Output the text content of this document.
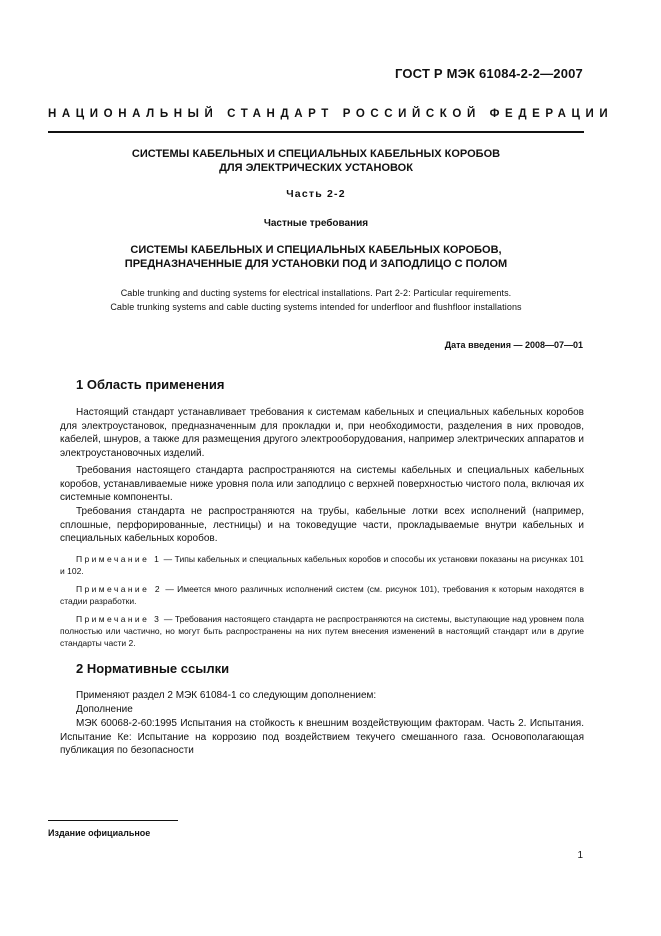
ГОСТ Р МЭК 61084-2-2—2007
НАЦИОНАЛЬНЫЙ СТАНДАРТ РОССИЙСКОЙ ФЕДЕРАЦИИ
СИСТЕМЫ КАБЕЛЬНЫХ И СПЕЦИАЛЬНЫХ КАБЕЛЬНЫХ КОРОБОВ
ДЛЯ ЭЛЕКТРИЧЕСКИХ УСТАНОВОК
Часть 2-2
Частные требования
СИСТЕМЫ КАБЕЛЬНЫХ И СПЕЦИАЛЬНЫХ КАБЕЛЬНЫХ КОРОБОВ,
ПРЕДНАЗНАЧЕННЫЕ ДЛЯ УСТАНОВКИ ПОД И ЗАПОДЛИЦО С ПОЛОМ
Cable trunking and ducting systems for electrical installations. Part 2-2: Particular requirements.
Cable trunking systems and cable ducting systems intended for underfloor and flushfloor installations
Дата введения — 2008—07—01
1 Область применения

Настоящий стандарт устанавливает требования к системам кабельных и специальных кабельных коробов для электроустановок, предназначенным для прокладки и, при необходимости, разделения в них проводов, кабелей, шнуров, а также для размещения другого электрооборудования, например электрических аппаратов и электроустановочных изделий.

Требования настоящего стандарта распространяются на системы кабельных и специальных кабельных коробов, устанавливаемые ниже уровня пола или заподлицо с верхней поверхностью чистого пола, включая их системные компоненты.

Требования стандарта не распространяются на трубы, кабельные лотки всех исполнений (например, сплошные, перфорированные, лестницы) и на токоведущие части, прокладываемые внутри кабельных и специальных кабельных коробов.

Примечание 1 — Типы кабельных и специальных кабельных коробов и способы их установки показаны на рисунках 101 и 102.

Примечание 2 — Имеется много различных исполнений систем (см. рисунок 101), требования к которым находятся в стадии разработки.

Примечание 3 — Требования настоящего стандарта не распространяются на системы, выступающие над уровнем пола полностью или частично, но могут быть распространены на них путем внесения изменений в настоящий стандарт или в другие стандарты части 2.

2 Нормативные ссылки

Применяют раздел 2 МЭК 61084-1 со следующим дополнением:

Дополнение

МЭК 60068-2-60:1995 Испытания на стойкость к внешним воздействующим факторам. Часть 2. Испытания. Испытание Ке: Испытание на коррозию под воздействием текучего смешанного газа. Основополагающая публикация по безопасности

Издание официальное
1
